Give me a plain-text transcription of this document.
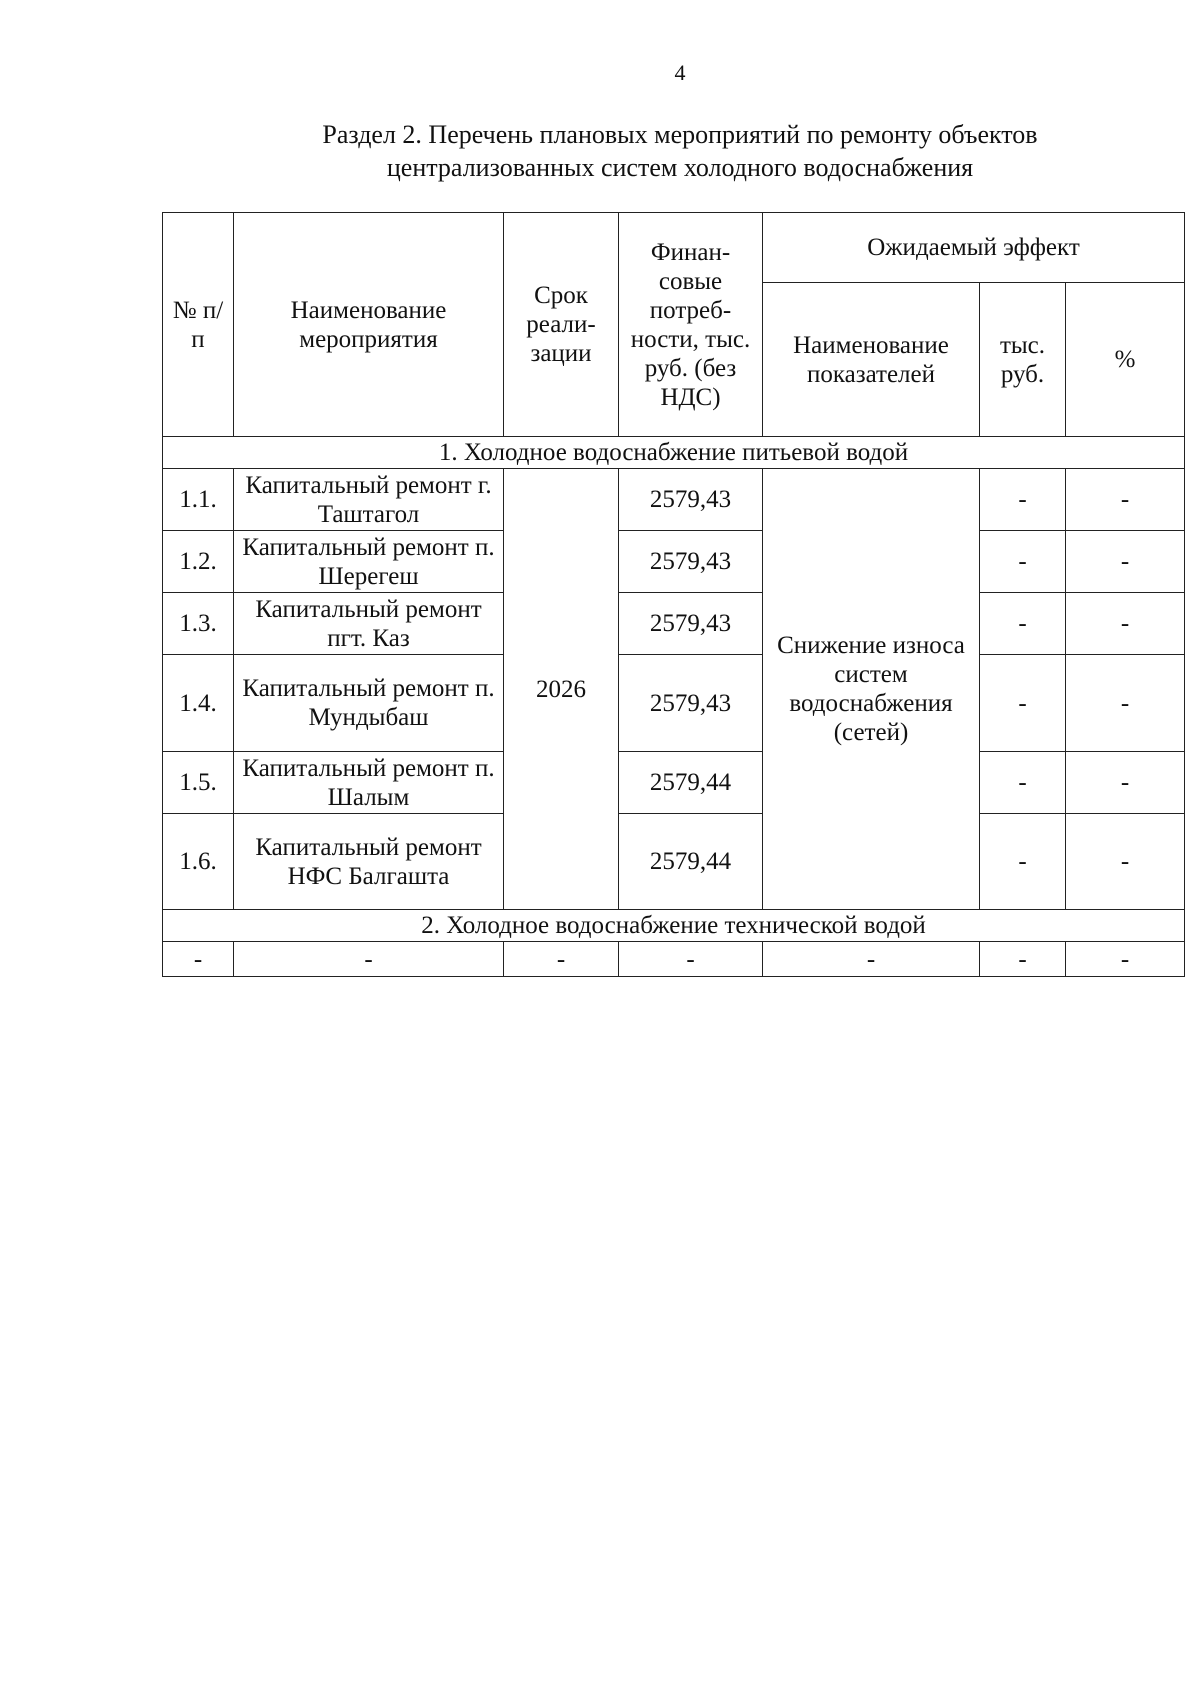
4
Раздел 2. Перечень плановых мероприятий по ремонту объектов
централизованных систем холодного водоснабжения
№ п/п	Наименование мероприятия	Срок реали-зации	Финан-совые потреб-ности, тыс. руб. (без НДС)	Ожидаемый эффект		
				Наименование показателей	тыс. руб.	%
1. Холодное водоснабжение питьевой водой						
1.1.	Капитальный ремонт г. Таштагол	2026	2579,43	Снижение износа систем водоснабжения (сетей)	-	-
1.2.	Капитальный ремонт п. Шерегеш		2579,43		-	-
1.3.	Капитальный ремонт пгт. Каз		2579,43		-	-
1.4.	Капитальный ремонт п. Мундыбаш		2579,43		-	-
1.5.	Капитальный ремонт п. Шалым		2579,44		-	-
1.6.	Капитальный ремонт НФС Балгашта		2579,44		-	-
2. Холодное водоснабжение технической водой						
-	-	-	-	-	-	-
